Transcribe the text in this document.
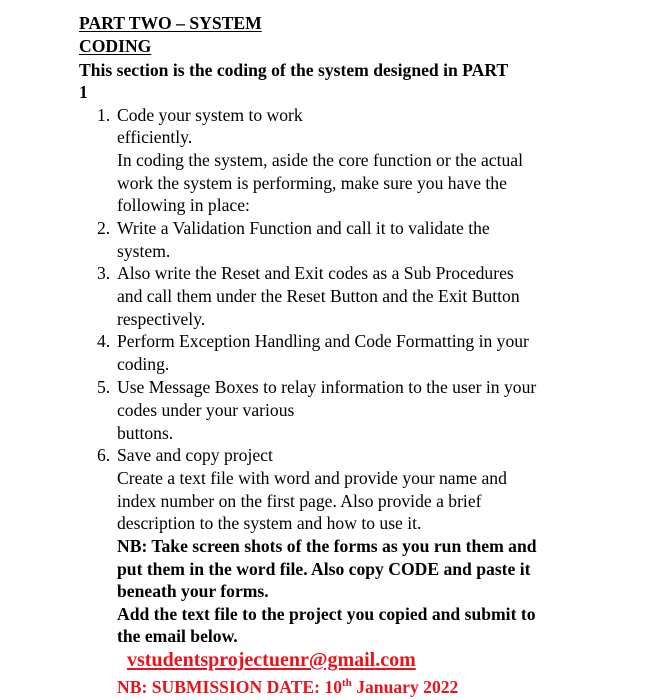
PART TWO – SYSTEM
CODING
This section is the coding of the system designed in PART
1
1. Code your system to work
efficiently.
In coding the system, aside the core function or the actual
work the system is performing, make sure you have the
following in place:
2. Write a Validation Function and call it to validate the
system.
3. Also write the Reset and Exit codes as a Sub Procedures
and call them under the Reset Button and the Exit Button
respectively.
4. Perform Exception Handling and Code Formatting in your
coding.
5. Use Message Boxes to relay information to the user in your
codes under your various
buttons.
6. Save and copy project
Create a text file with word and provide your name and
index number on the first page. Also provide a brief
description to the system and how to use it.
NB: Take screen shots of the forms as you run them and
put them in the word file. Also copy CODE and paste it
beneath your forms.
Add the text file to the project you copied and submit to
the email below.
vstudentsprojectuenr@gmail.com
NB: SUBMISSION DATE: 10th January 2022
